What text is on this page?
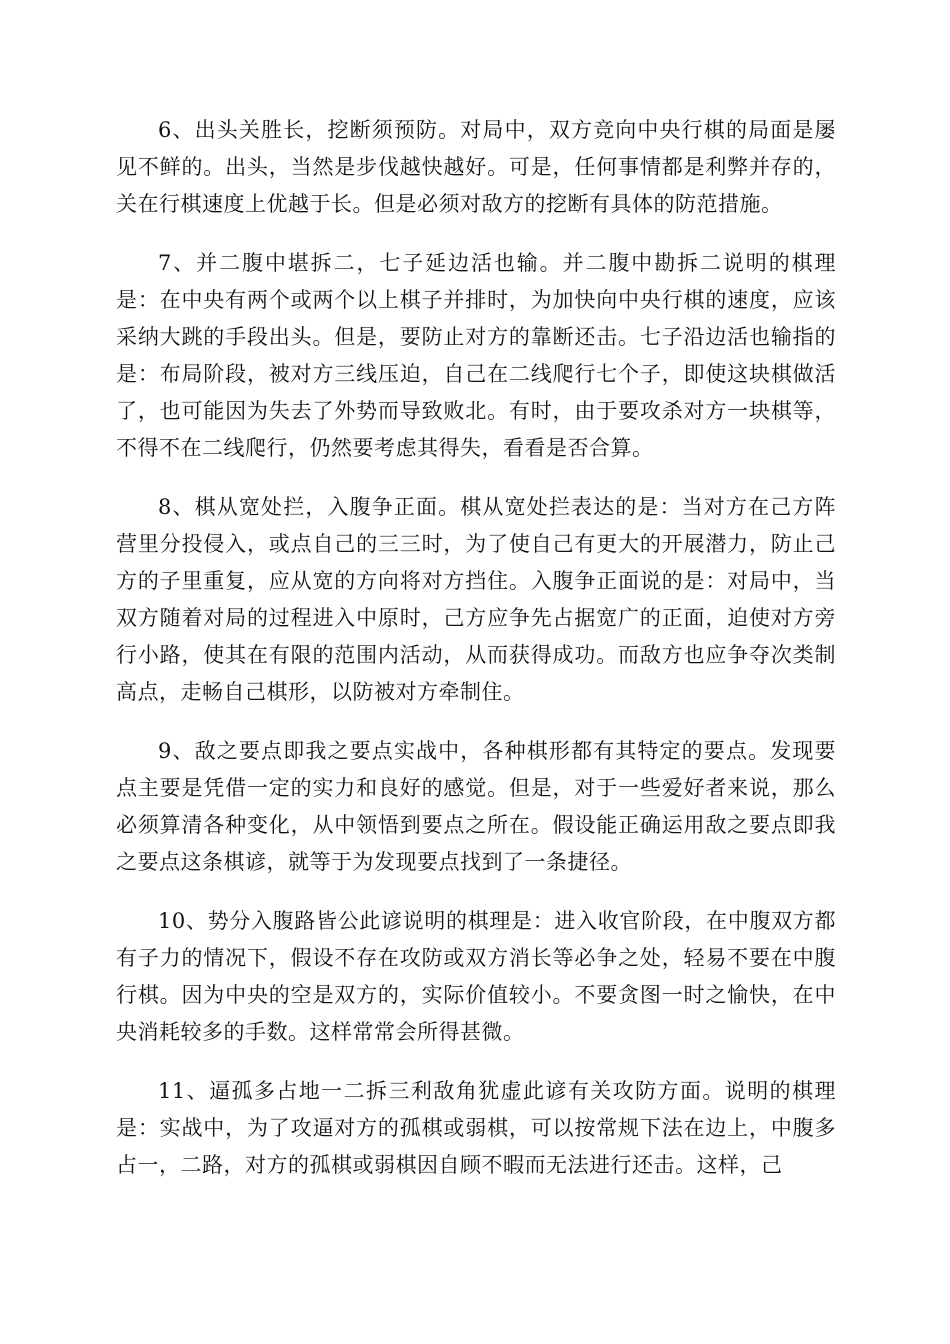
6、出头关胜长，挖断须预防。对局中，双方竞向中央行棋的局面是屡见不鲜的。出头，当然是步伐越快越好。可是，任何事情都是利弊并存的，关在行棋速度上优越于长。但是必须对敌方的挖断有具体的防范措施。

7、并二腹中堪拆二，七子延边活也输。并二腹中勘拆二说明的棋理是：在中央有两个或两个以上棋子并排时，为加快向中央行棋的速度，应该采纳大跳的手段出头。但是，要防止对方的靠断还击。七子沿边活也输指的是：布局阶段，被对方三线压迫，自己在二线爬行七个子，即使这块棋做活了，也可能因为失去了外势而导致败北。有时，由于要攻杀对方一块棋等，不得不在二线爬行，仍然要考虑其得失，看看是否合算。

8、棋从宽处拦，入腹争正面。棋从宽处拦表达的是：当对方在己方阵营里分投侵入，或点自己的三三时，为了使自己有更大的开展潜力，防止己方的子里重复，应从宽的方向将对方挡住。入腹争正面说的是：对局中，当双方随着对局的过程进入中原时，己方应争先占据宽广的正面，迫使对方旁行小路，使其在有限的范围内活动，从而获得成功。而敌方也应争夺次类制高点，走畅自己棋形，以防被对方牵制住。

9、敌之要点即我之要点实战中，各种棋形都有其特定的要点。发现要点主要是凭借一定的实力和良好的感觉。但是，对于一些爱好者来说，那么必须算清各种变化，从中领悟到要点之所在。假设能正确运用敌之要点即我之要点这条棋谚，就等于为发现要点找到了一条捷径。

10、势分入腹路皆公此谚说明的棋理是：进入收官阶段，在中腹双方都有子力的情况下，假设不存在攻防或双方消长等必争之处，轻易不要在中腹行棋。因为中央的空是双方的，实际价值较小。不要贪图一时之愉快，在中央消耗较多的手数。这样常常会所得甚微。

11、逼孤多占地一二拆三利敌角犹虚此谚有关攻防方面。说明的棋理是：实战中，为了攻逼对方的孤棋或弱棋，可以按常规下法在边上，中腹多占一，二路，对方的孤棋或弱棋因自顾不暇而无法进行还击。这样，己
